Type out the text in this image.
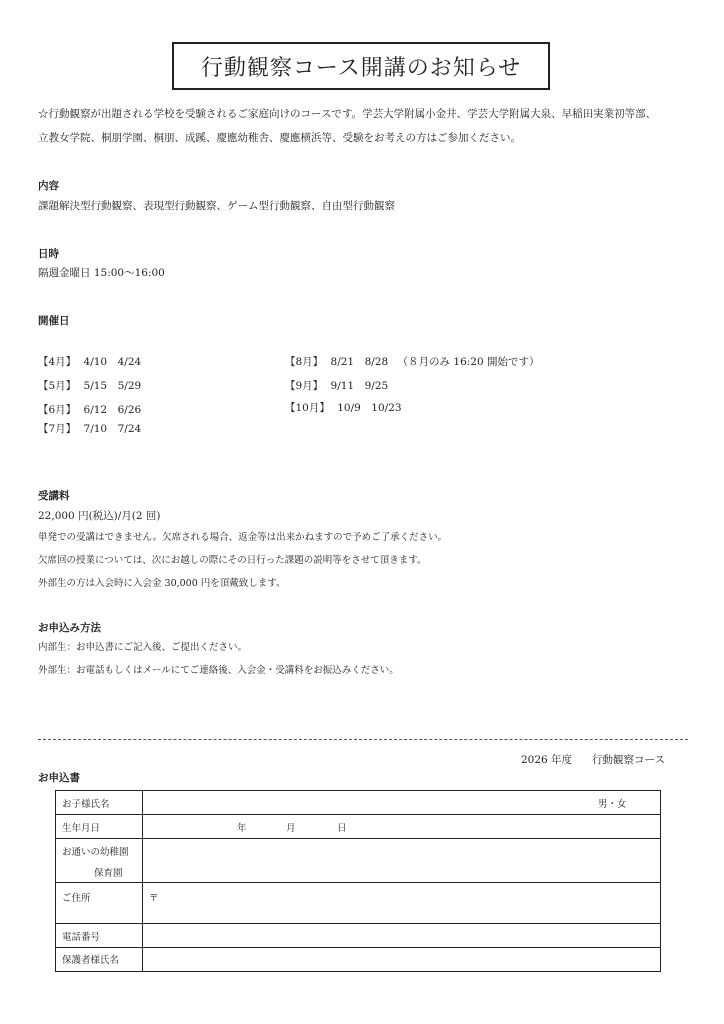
行動観察コース開講のお知らせ
☆行動観察が出題される学校を受験されるご家庭向けのコースです。学芸大学附属小金井、学芸大学附属大泉、早稲田実業初等部、
立教女学院、桐朋学園、桐朋、成蹊、慶應幼稚舎、慶應横浜等、受験をお考えの方はご参加ください。
内容
課題解決型行動観察、表現型行動観察、ゲーム型行動観察、自由型行動観察
日時
隔週金曜日 15:00〜16:00
開催日
【4月】 4/10　4/24
【5月】 5/15　5/29
【6月】 6/12　6/26
【7月】 7/10　7/24
【8月】 8/21　8/28 （８月のみ 16:20 開始です）
【9月】 9/11　9/25
【10月】 10/9　10/23
受講料
22,000 円(税込)/月(2 回)
単発での受講はできません。欠席される場合、返金等は出来かねますので予めご了承ください。
欠席回の授業については、次にお越しの際にその日行った課題の説明等をさせて頂きます。
外部生の方は入会時に入会金 30,000 円を頂戴致します。
お申込み方法
内部生：お申込書にご記入後、ご提出ください。
外部生：お電話もしくはメールにてご連絡後、入会金・受講料をお振込みください。
2026 年度 行動観察コース
お申込書
お子様氏名	男・女
生年月日	年	月	日
お通いの幼稚園
保育園
ご住所	〒
電話番号
保護者様氏名
